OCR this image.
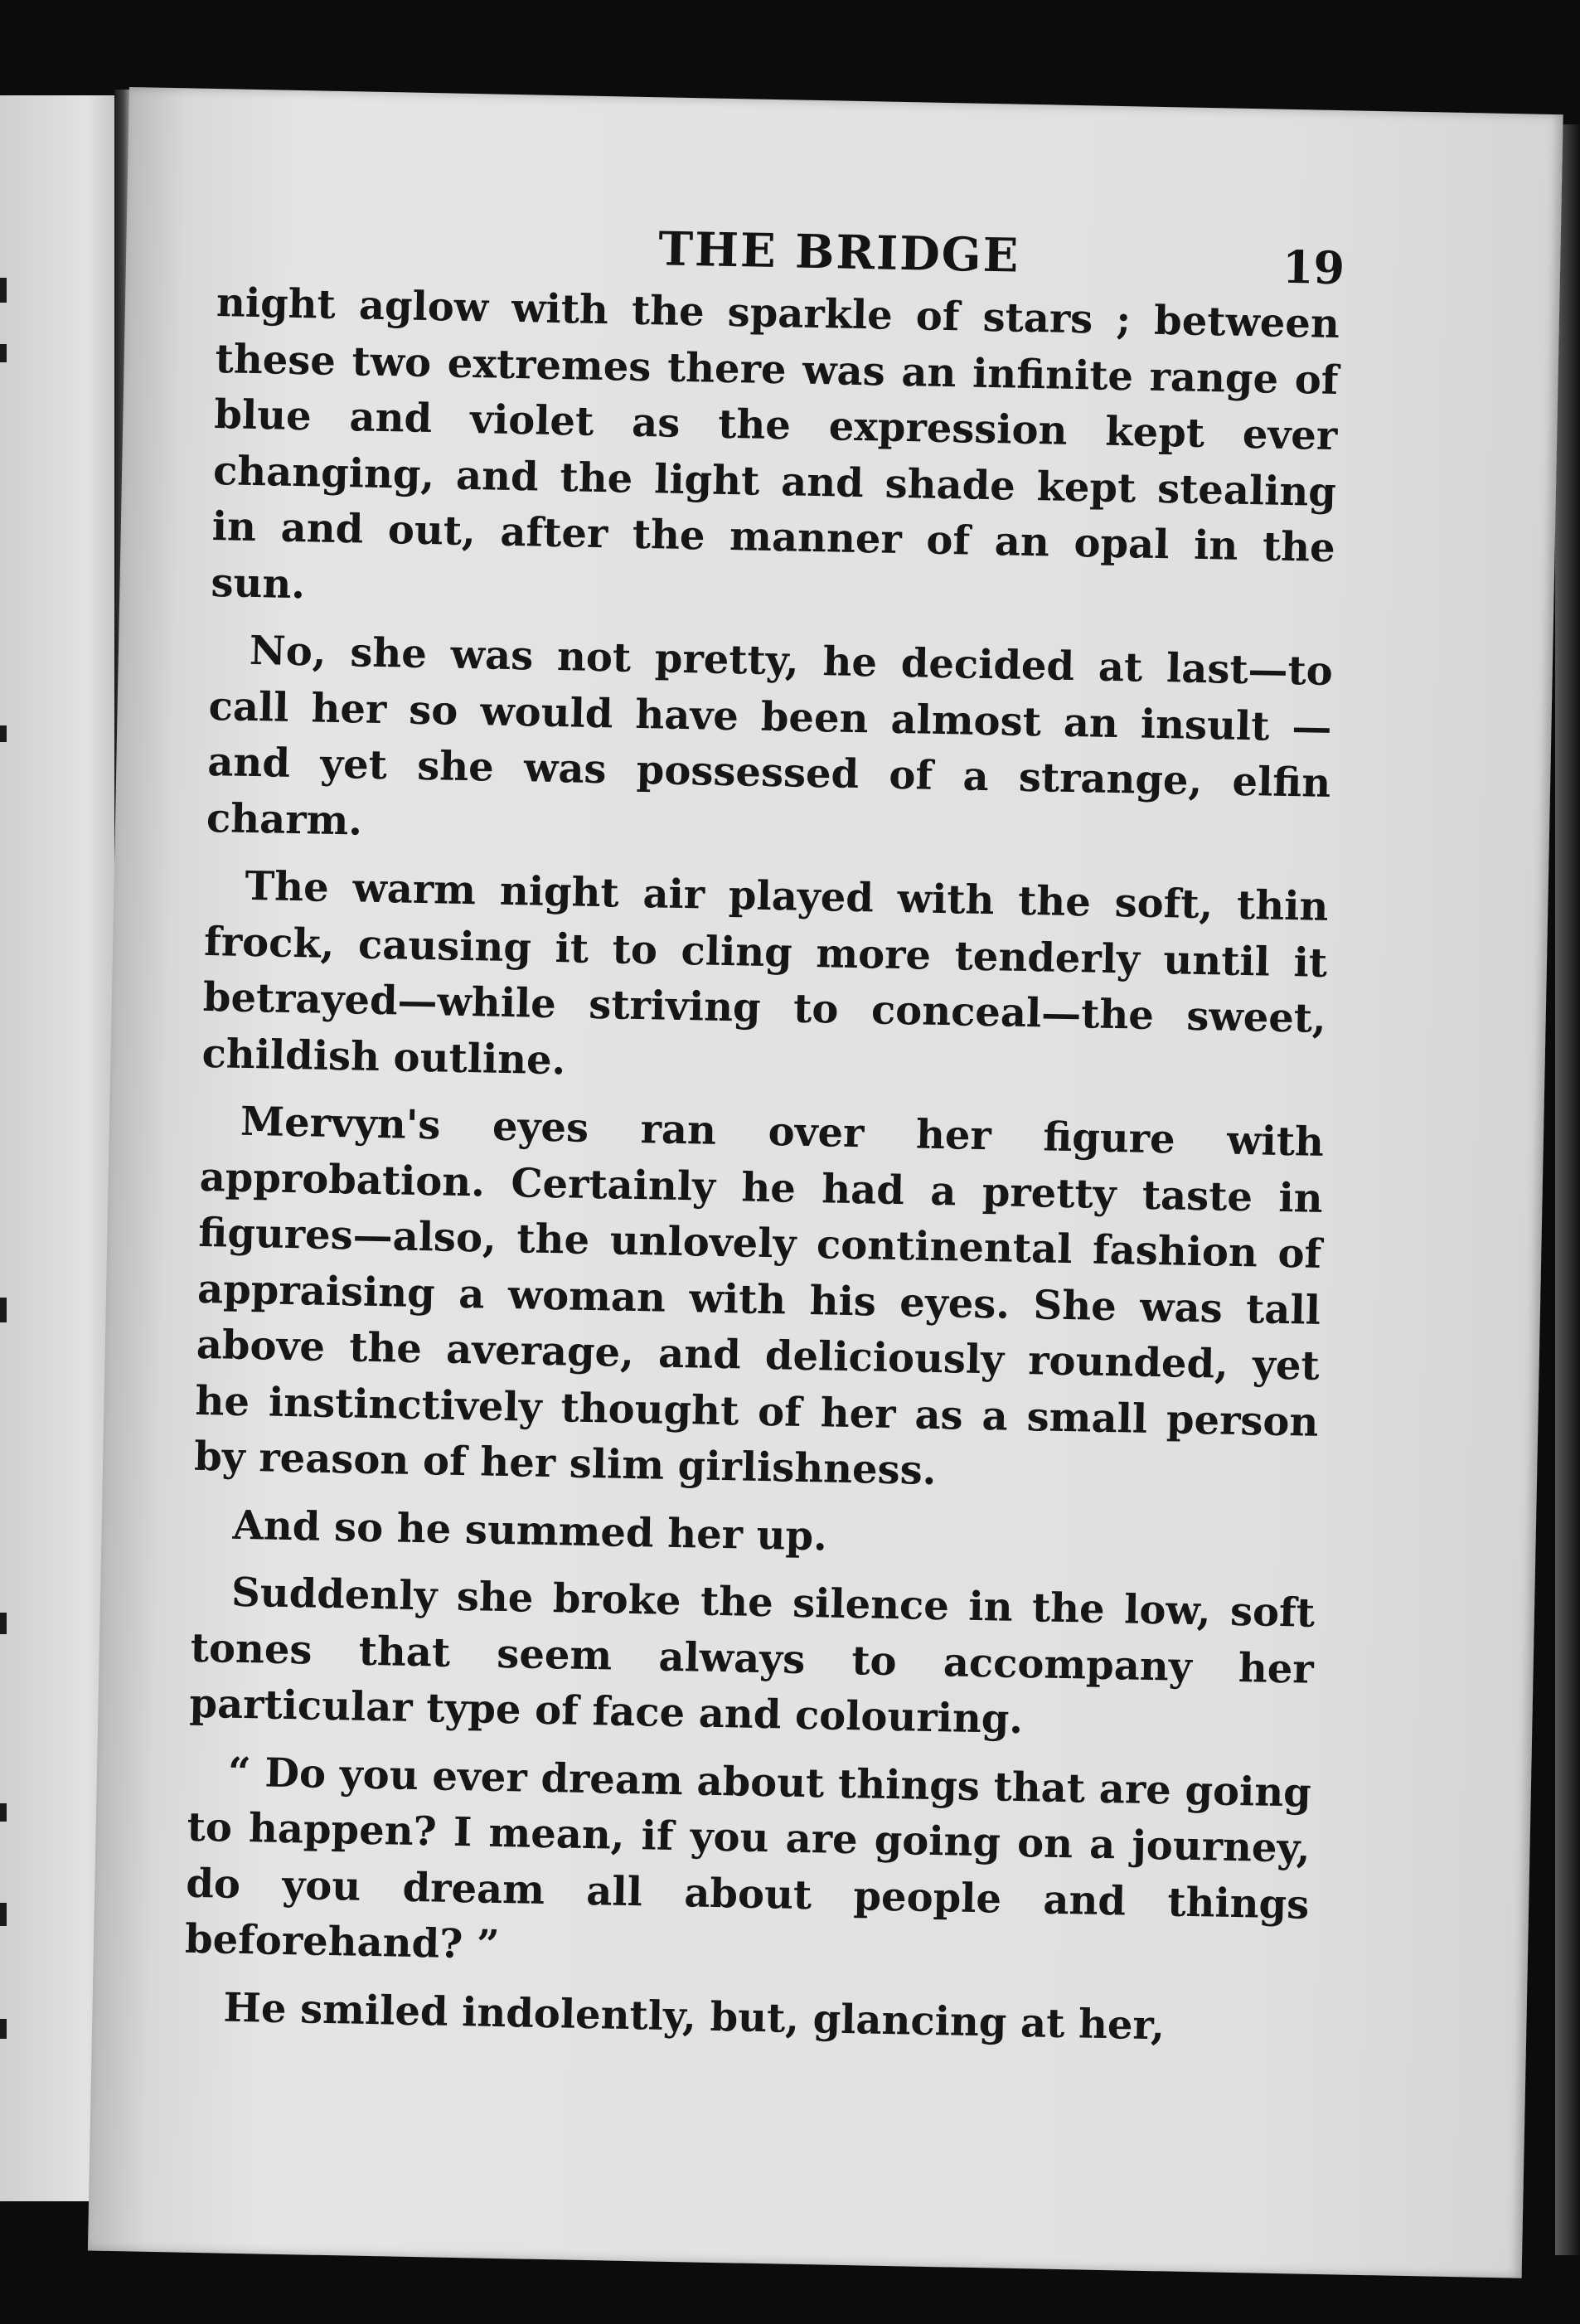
THE BRIDGE	19

night aglow with the sparkle of stars ; between these two extremes there was an infinite range of blue and violet as the expression kept ever changing, and the light and shade kept stealing in and out, after the manner of an opal in the sun.

No, she was not pretty, he decided at last—to call her so would have been almost an insult —and yet she was possessed of a strange, elfin charm.

The warm night air played with the soft, thin frock, causing it to cling more tenderly until it betrayed—while striving to conceal—the sweet, childish outline.

Mervyn's eyes ran over her figure with approbation. Certainly he had a pretty taste in figures—also, the unlovely continental fashion of appraising a woman with his eyes. She was tall above the average, and deliciously rounded, yet he instinctively thought of her as a small person by reason of her slim girlishness.

And so he summed her up.

Suddenly she broke the silence in the low, soft tones that seem always to accompany her particular type of face and colouring.

“ Do you ever dream about things that are going to happen? I mean, if you are going on a journey, do you dream all about people and things beforehand? ”

He smiled indolently, but, glancing at her,
